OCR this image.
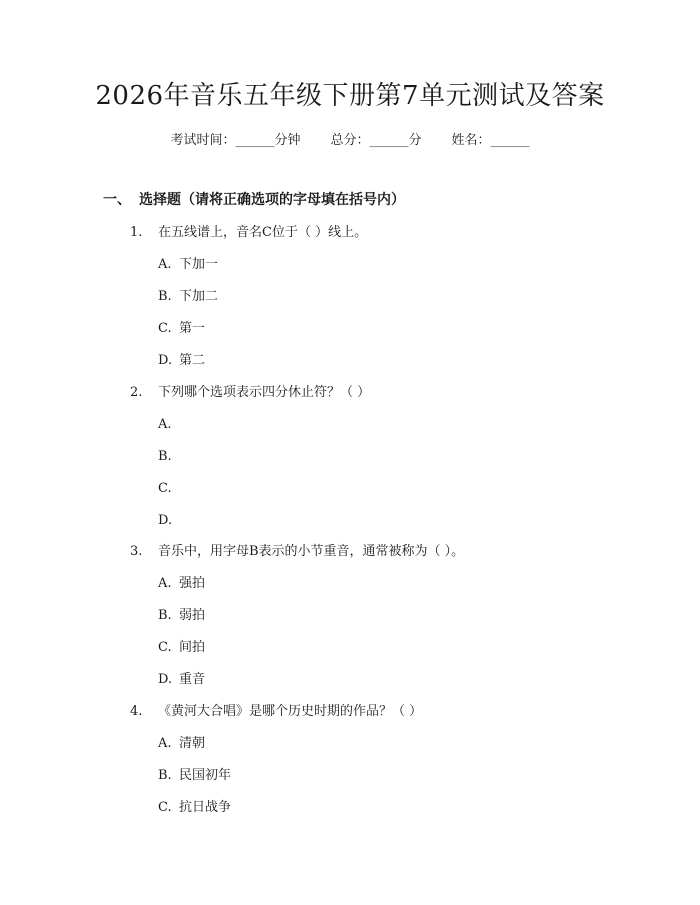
2026年音乐五年级下册第7单元测试及答案
考试时间：______分钟 总分：______分 姓名：______
一、 选择题（请将正确选项的字母填在括号内）
1. 在五线谱上，音名C位于（ ）线上。
A. 下加一
B. 下加二
C. 第一
D. 第二
2. 下列哪个选项表示四分休止符？（ ）
A.
B.
C.
D.
3. 音乐中，用字母B表示的小节重音，通常被称为（ ）。
A. 强拍
B. 弱拍
C. 间拍
D. 重音
4. 《黄河大合唱》是哪个历史时期的作品？（ ）
A. 清朝
B. 民国初年
C. 抗日战争
